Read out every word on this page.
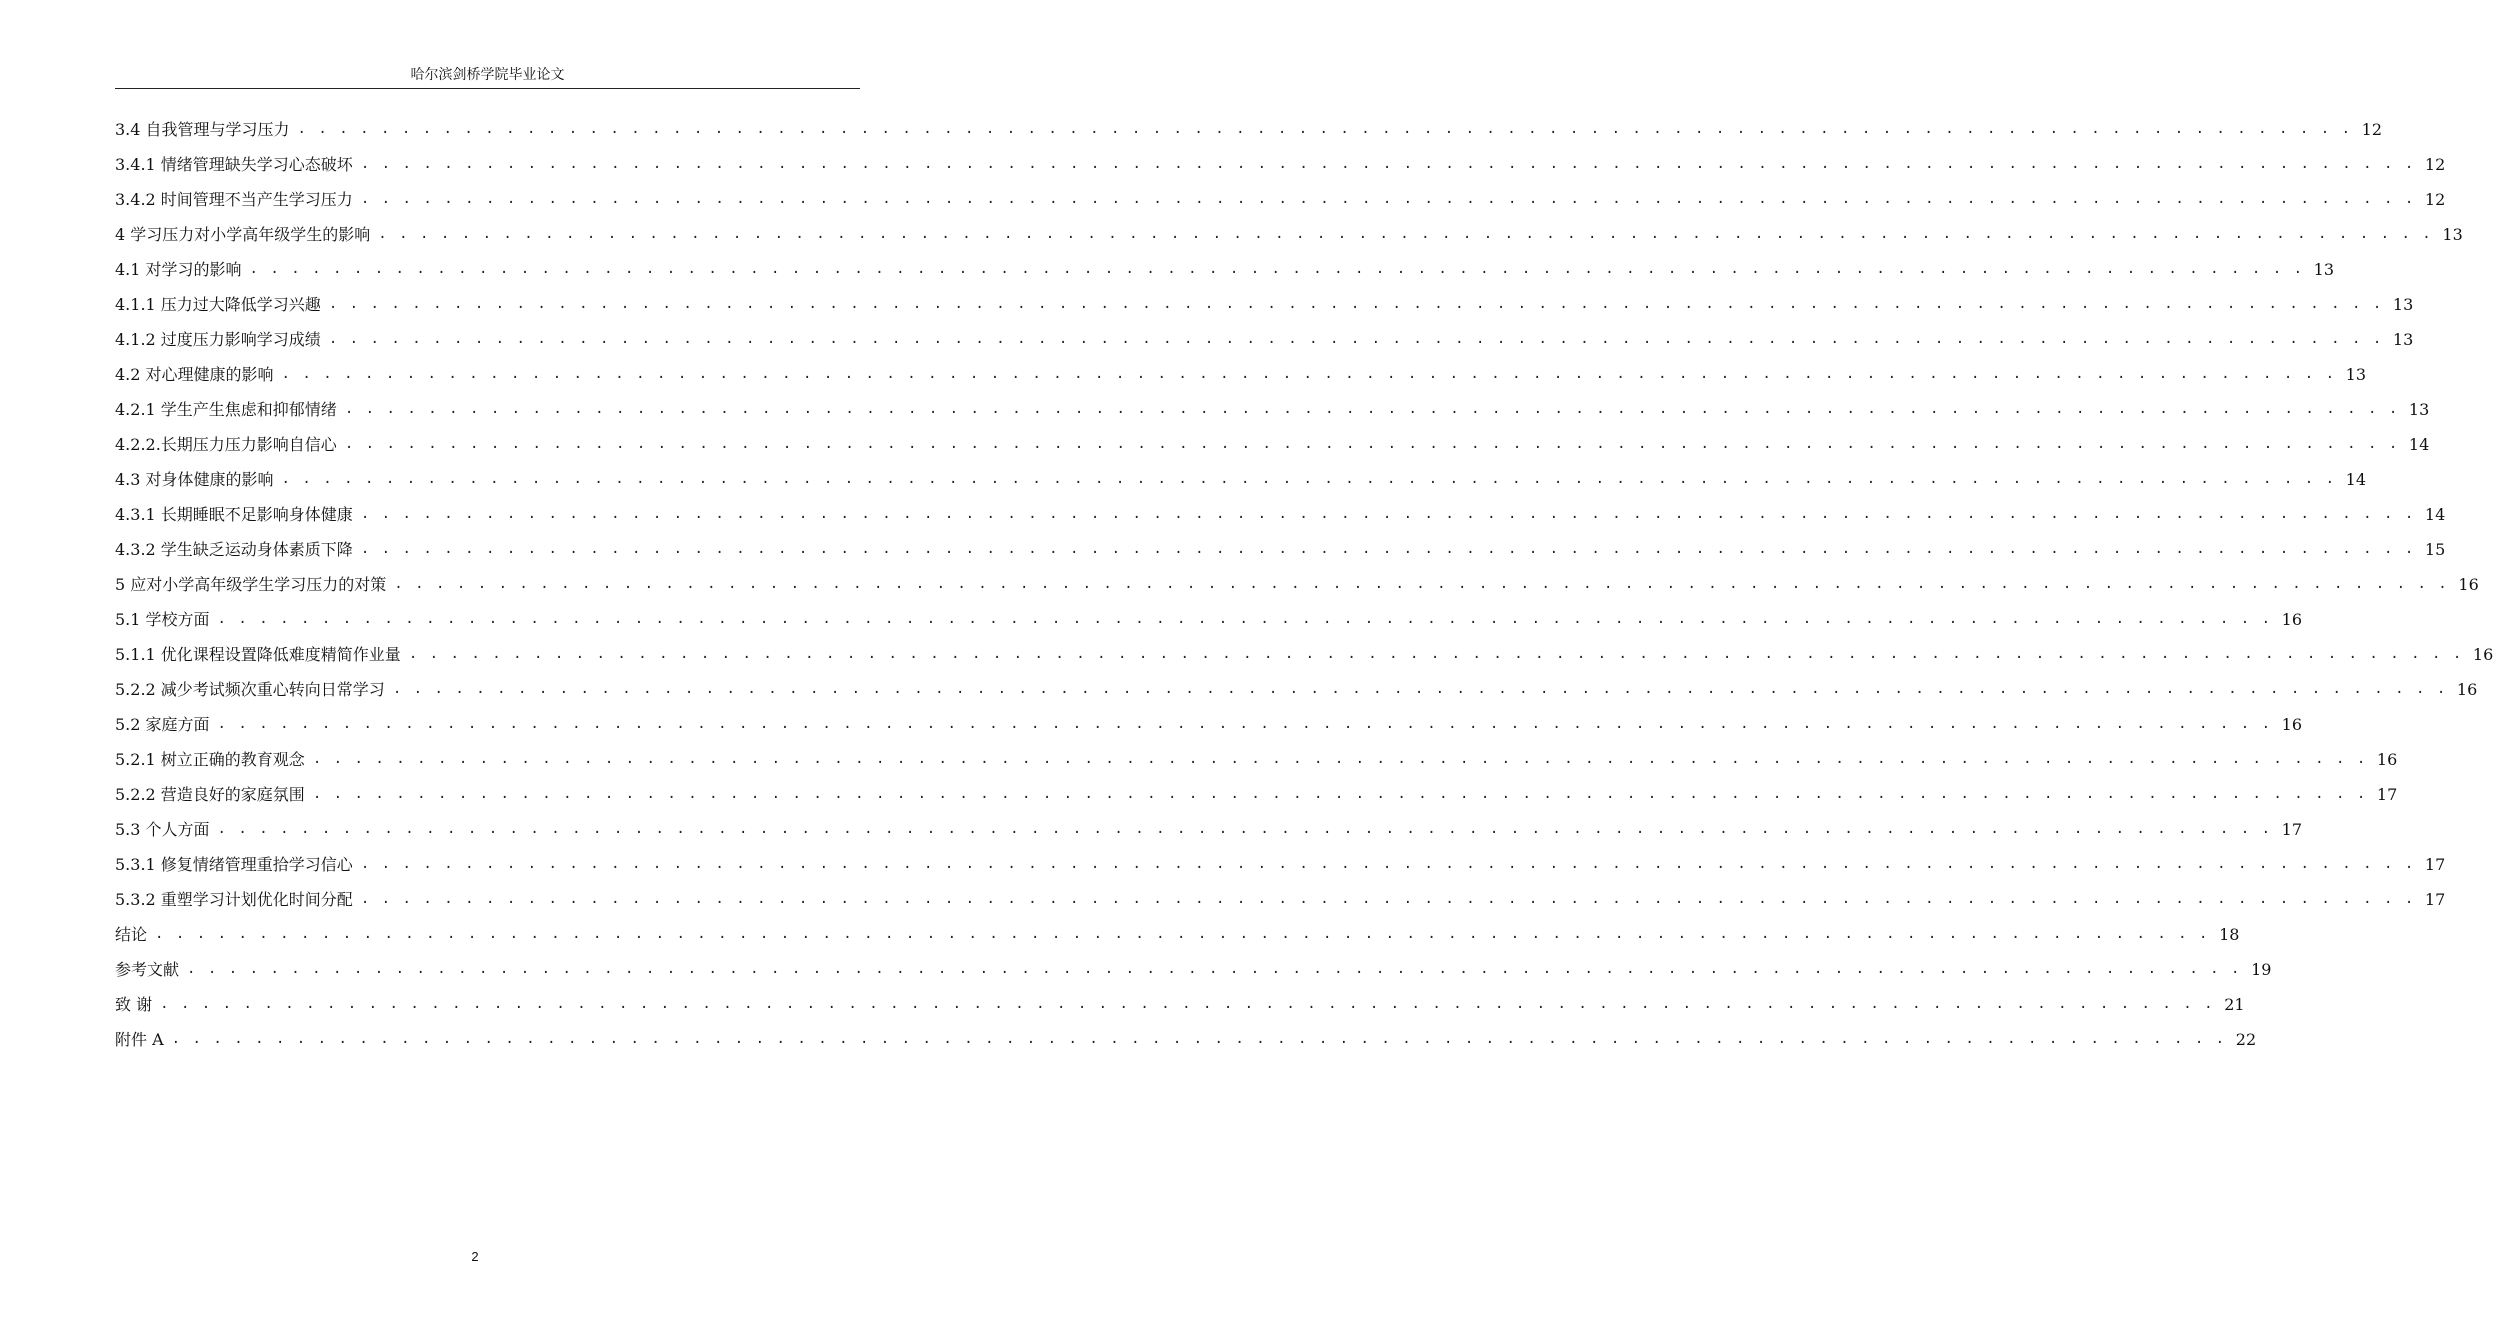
哈尔滨剑桥学院毕业论文
3.4 自我管理与学习压力 . . . . . . . . . . . . . . . . . . . . . . . . . . . . . . . . . . . . . . . . . . . . . . . . . . . . . . . . . . . . . . . . . . . . . . . . . . . . . . . . . . . . . . . . . . . . . . . . . . . 12
3.4.1 情绪管理缺失学习心态破坏 . . . . . . . . . . . . . . . . . . . . . . . . . . . . . . . . . . . . . . . . . . . . . . . . . . . . . . . . . . . . . . . . . . . . . . . . . . . . . . . . . . . . . . . . . . . . . . . . . . . 12
3.4.2 时间管理不当产生学习压力 . . . . . . . . . . . . . . . . . . . . . . . . . . . . . . . . . . . . . . . . . . . . . . . . . . . . . . . . . . . . . . . . . . . . . . . . . . . . . . . . . . . . . . . . . . . . . . . . . . . 12
4 学习压力对小学高年级学生的影响 . . . . . . . . . . . . . . . . . . . . . . . . . . . . . . . . . . . . . . . . . . . . . . . . . . . . . . . . . . . . . . . . . . . . . . . . . . . . . . . . . . . . . . . . . . . . . . . . . . . 13
4.1 对学习的影响 . . . . . . . . . . . . . . . . . . . . . . . . . . . . . . . . . . . . . . . . . . . . . . . . . . . . . . . . . . . . . . . . . . . . . . . . . . . . . . . . . . . . . . . . . . . . . . . . . . . 13
4.1.1 压力过大降低学习兴趣 . . . . . . . . . . . . . . . . . . . . . . . . . . . . . . . . . . . . . . . . . . . . . . . . . . . . . . . . . . . . . . . . . . . . . . . . . . . . . . . . . . . . . . . . . . . . . . . . . . . 13
4.1.2 过度压力影响学习成绩 . . . . . . . . . . . . . . . . . . . . . . . . . . . . . . . . . . . . . . . . . . . . . . . . . . . . . . . . . . . . . . . . . . . . . . . . . . . . . . . . . . . . . . . . . . . . . . . . . . . 13
4.2 对心理健康的影响 . . . . . . . . . . . . . . . . . . . . . . . . . . . . . . . . . . . . . . . . . . . . . . . . . . . . . . . . . . . . . . . . . . . . . . . . . . . . . . . . . . . . . . . . . . . . . . . . . . . 13
4.2.1 学生产生焦虑和抑郁情绪 . . . . . . . . . . . . . . . . . . . . . . . . . . . . . . . . . . . . . . . . . . . . . . . . . . . . . . . . . . . . . . . . . . . . . . . . . . . . . . . . . . . . . . . . . . . . . . . . . . . 13
4.2.2.长期压力压力影响自信心 . . . . . . . . . . . . . . . . . . . . . . . . . . . . . . . . . . . . . . . . . . . . . . . . . . . . . . . . . . . . . . . . . . . . . . . . . . . . . . . . . . . . . . . . . . . . . . . . . . . 14
4.3 对身体健康的影响 . . . . . . . . . . . . . . . . . . . . . . . . . . . . . . . . . . . . . . . . . . . . . . . . . . . . . . . . . . . . . . . . . . . . . . . . . . . . . . . . . . . . . . . . . . . . . . . . . . . 14
4.3.1 长期睡眠不足影响身体健康 . . . . . . . . . . . . . . . . . . . . . . . . . . . . . . . . . . . . . . . . . . . . . . . . . . . . . . . . . . . . . . . . . . . . . . . . . . . . . . . . . . . . . . . . . . . . . . . . . . . 14
4.3.2 学生缺乏运动身体素质下降 . . . . . . . . . . . . . . . . . . . . . . . . . . . . . . . . . . . . . . . . . . . . . . . . . . . . . . . . . . . . . . . . . . . . . . . . . . . . . . . . . . . . . . . . . . . . . . . . . . . 15
5 应对小学高年级学生学习压力的对策 . . . . . . . . . . . . . . . . . . . . . . . . . . . . . . . . . . . . . . . . . . . . . . . . . . . . . . . . . . . . . . . . . . . . . . . . . . . . . . . . . . . . . . . . . . . . . . . . . . . 16
5.1 学校方面 . . . . . . . . . . . . . . . . . . . . . . . . . . . . . . . . . . . . . . . . . . . . . . . . . . . . . . . . . . . . . . . . . . . . . . . . . . . . . . . . . . . . . . . . . . . . . . . . . . . 16
5.1.1 优化课程设置降低难度精简作业量 . . . . . . . . . . . . . . . . . . . . . . . . . . . . . . . . . . . . . . . . . . . . . . . . . . . . . . . . . . . . . . . . . . . . . . . . . . . . . . . . . . . . . . . . . . . . . . . . . . . 16
5.2.2 减少考试频次重心转向日常学习 . . . . . . . . . . . . . . . . . . . . . . . . . . . . . . . . . . . . . . . . . . . . . . . . . . . . . . . . . . . . . . . . . . . . . . . . . . . . . . . . . . . . . . . . . . . . . . . . . . . 16
5.2 家庭方面 . . . . . . . . . . . . . . . . . . . . . . . . . . . . . . . . . . . . . . . . . . . . . . . . . . . . . . . . . . . . . . . . . . . . . . . . . . . . . . . . . . . . . . . . . . . . . . . . . . . 16
5.2.1 树立正确的教育观念 . . . . . . . . . . . . . . . . . . . . . . . . . . . . . . . . . . . . . . . . . . . . . . . . . . . . . . . . . . . . . . . . . . . . . . . . . . . . . . . . . . . . . . . . . . . . . . . . . . . 16
5.2.2 营造良好的家庭氛围 . . . . . . . . . . . . . . . . . . . . . . . . . . . . . . . . . . . . . . . . . . . . . . . . . . . . . . . . . . . . . . . . . . . . . . . . . . . . . . . . . . . . . . . . . . . . . . . . . . . 17
5.3 个人方面 . . . . . . . . . . . . . . . . . . . . . . . . . . . . . . . . . . . . . . . . . . . . . . . . . . . . . . . . . . . . . . . . . . . . . . . . . . . . . . . . . . . . . . . . . . . . . . . . . . . 17
5.3.1 修复情绪管理重拾学习信心 . . . . . . . . . . . . . . . . . . . . . . . . . . . . . . . . . . . . . . . . . . . . . . . . . . . . . . . . . . . . . . . . . . . . . . . . . . . . . . . . . . . . . . . . . . . . . . . . . . . 17
5.3.2 重塑学习计划优化时间分配 . . . . . . . . . . . . . . . . . . . . . . . . . . . . . . . . . . . . . . . . . . . . . . . . . . . . . . . . . . . . . . . . . . . . . . . . . . . . . . . . . . . . . . . . . . . . . . . . . . . 17
结论 . . . . . . . . . . . . . . . . . . . . . . . . . . . . . . . . . . . . . . . . . . . . . . . . . . . . . . . . . . . . . . . . . . . . . . . . . . . . . . . . . . . . . . . . . . . . . . . . . . . 18
参考文献 . . . . . . . . . . . . . . . . . . . . . . . . . . . . . . . . . . . . . . . . . . . . . . . . . . . . . . . . . . . . . . . . . . . . . . . . . . . . . . . . . . . . . . . . . . . . . . . . . . . 19
致 谢 . . . . . . . . . . . . . . . . . . . . . . . . . . . . . . . . . . . . . . . . . . . . . . . . . . . . . . . . . . . . . . . . . . . . . . . . . . . . . . . . . . . . . . . . . . . . . . . . . . . 21
附件 A . . . . . . . . . . . . . . . . . . . . . . . . . . . . . . . . . . . . . . . . . . . . . . . . . . . . . . . . . . . . . . . . . . . . . . . . . . . . . . . . . . . . . . . . . . . . . . . . . . . 22
2
